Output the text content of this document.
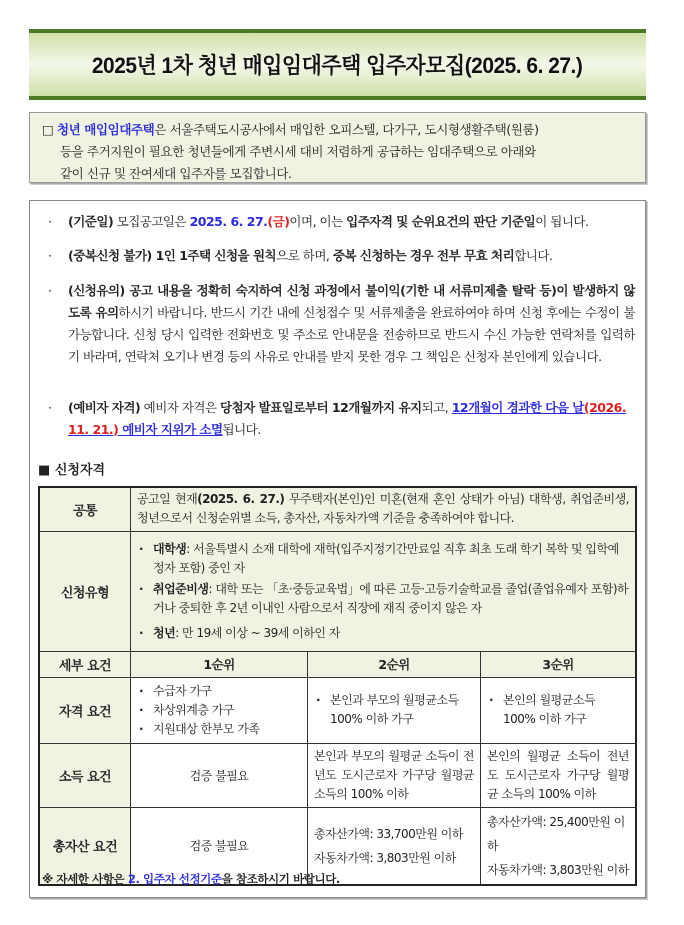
2025년 1차 청년 매입임대주택 입주자모집(2025. 6. 27.)
□ 청년 매입임대주택은 서울주택도시공사에서 매입한 오피스텔, 다가구, 도시형생활주택(원룸)
등을 주거지원이 필요한 청년들에게 주변시세 대비 저렴하게 공급하는 임대주택으로 아래와
같이 신규 및 잔여세대 입주자를 모집합니다.
·	(기준일) 모집공고일은 2025. 6. 27.(금)이며, 이는 입주자격 및 순위요건의 판단 기준일이 됩니다.
·	(중복신청 불가) 1인 1주택 신청을 원칙으로 하며, 중복 신청하는 경우 전부 무효 처리합니다.
·	(신청유의) 공고 내용을 정확히 숙지하여 신청 과정에서 불이익(기한 내 서류미제출 탈락 등)이 발생하지 않도록 유의하시기 바랍니다. 반드시 기간 내에 신청접수 및 서류제출을 완료하여야 하며 신청 후에는 수정이 불가능합니다. 신청 당시 입력한 전화번호 및 주소로 안내문을 전송하므로 반드시 수신 가능한 연락처를 입력하기 바라며, 연락처 오기나 변경 등의 사유로 안내를 받지 못한 경우 그 책임은 신청자 본인에게 있습니다.
·	(예비자 자격) 예비자 자격은 당첨자 발표일로부터 12개월까지 유지되고, 12개월이 경과한 다음 날(2026. 11. 21.) 예비자 지위가 소멸됩니다.
■ 신청자격
공통	공고일 현재(2025. 6. 27.) 무주택자(본인)인 미혼(현재 혼인 상태가 아님) 대학생, 취업준비생, 청년으로서 신청순위별 소득, 총자산, 자동차가액 기준을 충족하여야 합니다.		
신청유형	· 대학생: 서울특별시 소재 대학에 재학(입주지정기간만료일 직후 최초 도래 학기 복학 및 입학예정자 포함) 중인 자
· 취업준비생: 대학 또는 「초·중등교육법」에 따른 고등·고등기술학교를 졸업(졸업유예자 포함)하거나 중퇴한 후 2년 이내인 사람으로서 직장에 재직 중이지 않은 자
· 청년: 만 19세 이상 ~ 39세 이하인 자

세부 요건	1순위	2순위	3순위
자격 요건	· 수급자 가구
· 차상위계층 가구
· 지원대상 한부모 가족	· 본인과 부모의 월평균소득 100% 이하 가구	· 본인의 월평균소득 100% 이하 가구

소득 요건	검증 불필요	본인과 부모의 월평균 소득이 전년도 도시근로자 가구당 월평균 소득의 100% 이하	본인의 월평균 소득이 전년도 도시근로자 가구당 월평균 소득의 100% 이하
총자산 요건	검증 불필요	총자산가액: 33,700만원 이하
자동차가액: 3,803만원 이하	총자산가액: 25,400만원 이하
자동차가액: 3,803만원 이하
※ 자세한 사항은 2. 입주자 선정기준을 참조하시기 바랍니다.
